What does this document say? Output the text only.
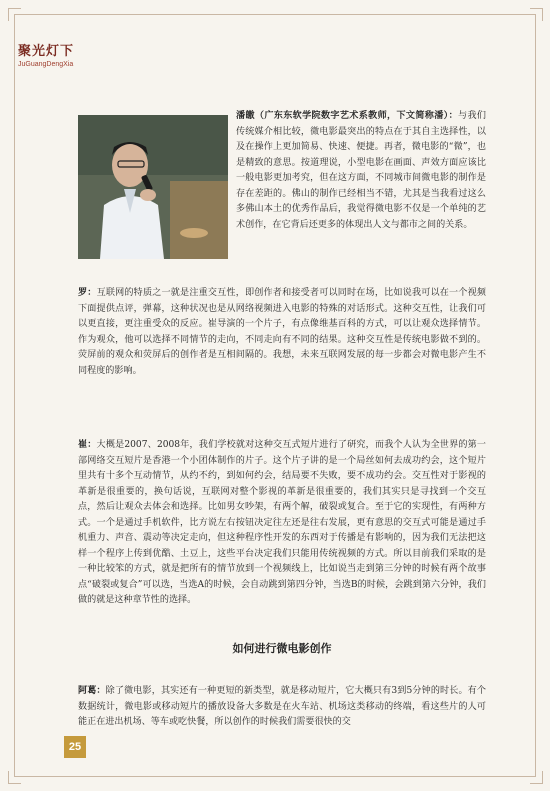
聚光灯下
JuGuangDengXia

潘皦（广东东软学院数字艺术系教师，下文简称潘）：与我们传统媒介相比较，微电影最突出的特点在于其自主选择性，以及在操作上更加简易、快速、便捷。再者，微电影的“微”，也是精致的意思。按道理说，小型电影在画面、声效方面应该比一般电影更加考究，但在这方面，不同城市间微电影的制作是存在差距的。佛山的制作已经相当不错，尤其是当我看过这么多佛山本土的优秀作品后，我觉得微电影不仅是一个单纯的艺术创作，在它背后还更多的体现出人文与都市之间的关系。

罗：互联网的特质之一就是注重交互性，即创作者和接受者可以同时在场，比如说我可以在一个视频下面提供点评，弹幕，这种状况也是从网络视频进入电影的特殊的对话形式。这种交互性，让我们可以更直接，更注重受众的反应。崔导演的一个片子，有点像维基百科的方式，可以让观众选择情节。作为观众，他可以选择不同情节的走向，不同走向有不同的结果。这种交互性是传统电影做不到的。荧屏前的观众和荧屏后的创作者是互相间隔的。我想，未来互联网发展的每一步都会对微电影产生不同程度的影响。

崔：大概是2007、2008年，我们学校就对这种交互式短片进行了研究，而我个人认为全世界的第一部网络交互短片是香港一个小团体制作的片子。这个片子讲的是一个局丝如何去成功约会，这个短片里共有十多个互动情节，从约不约，到如何约会，结局要不失败，要不成功约会。交互性对于影视的革新是很重要的，换句话说，互联网对整个影视的革新是很重要的，我们其实只是寻找到一个交互点，然后让观众去体会和选择。比如男女吵架，有两个解，破裂或复合。至于它的实现性，有两种方式。一个是通过手机软件，比方说左右按钮决定往左还是往右发展，更有意思的交互式可能是通过手机重力、声音、震动等决定走向，但这种程序性开发的东西对于传播是有影响的，因为我们无法把这样一个程序上传到优酷、土豆上，这些平台决定我们只能用传统视频的方式。所以目前我们采取的是一种比较笨的方式，就是把所有的情节放到一个视频线上，比如说当走到第三分钟的时候有两个故事点“破裂或复合”可以选，当选A的时候，会自动跳到第四分钟，当选B的时候，会跳到第六分钟，我们做的就是这种章节性的选择。

如何进行微电影创作

阿葛：除了微电影，其实还有一种更短的新类型，就是移动短片，它大概只有3到5分钟的时长。有个数据统计，微电影或移动短片的播放设备大多数是在火车站、机场这类移动的终端，看这些片的人可能正在进出机场、等车或吃快餐，所以创作的时候我们需要很快的交

25
